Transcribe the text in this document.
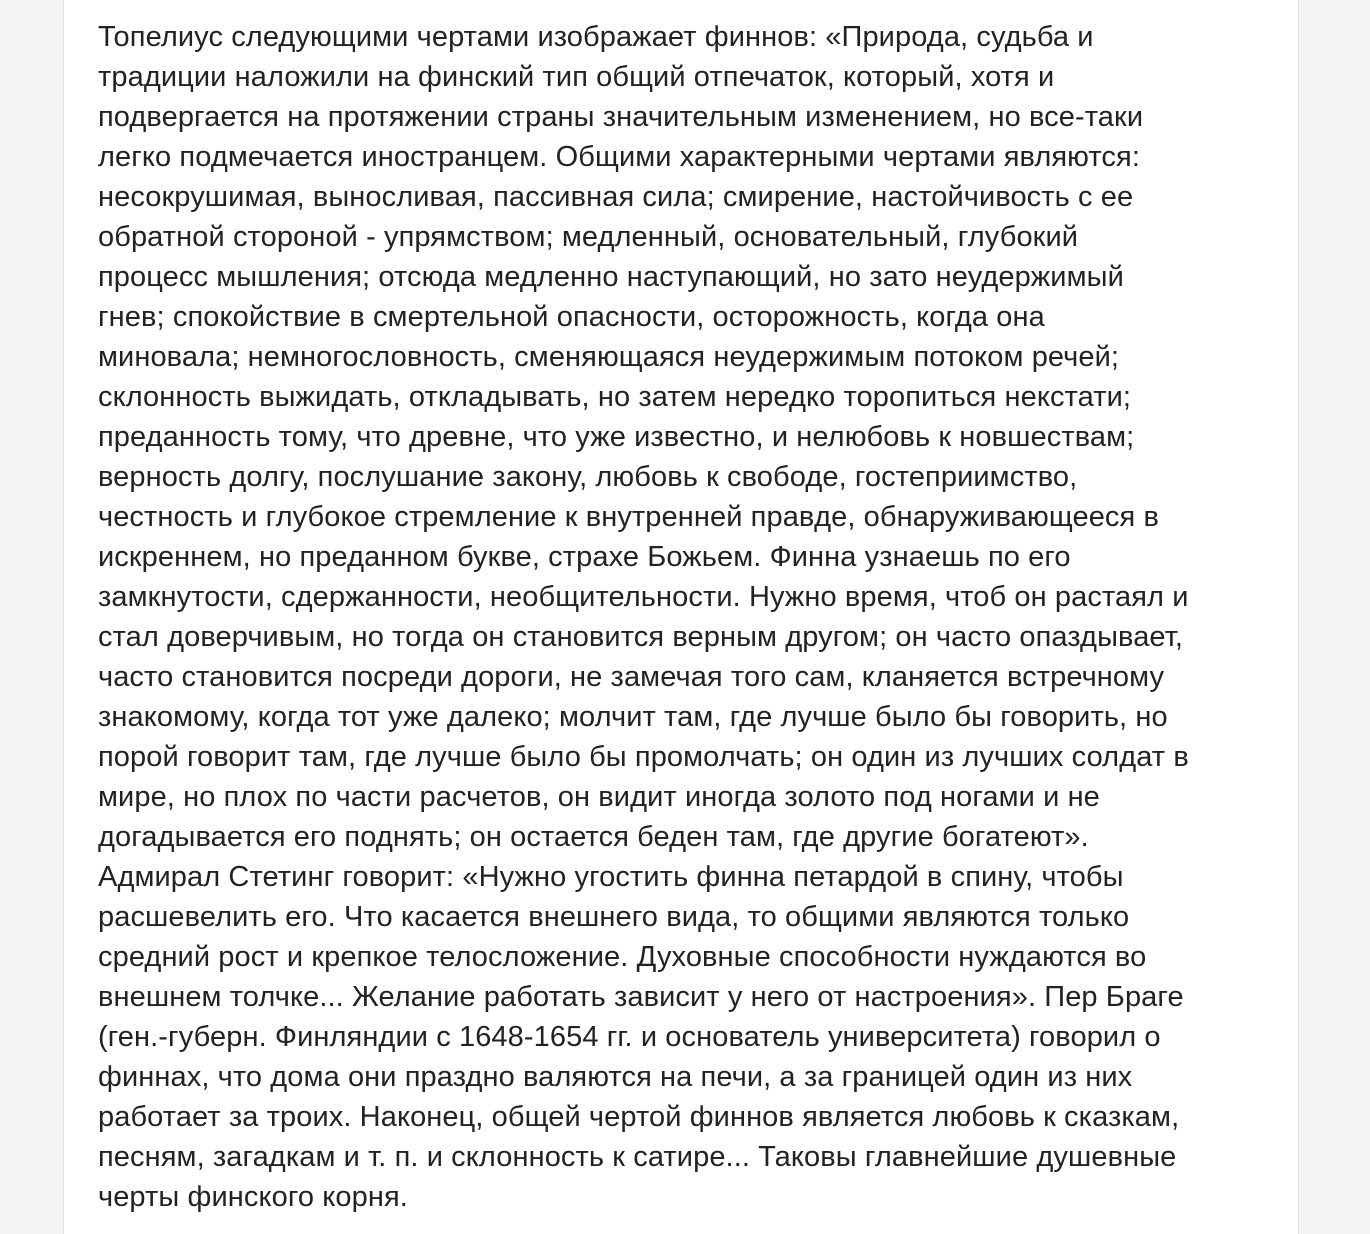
Топелиус следующими чертами изображает финнов: «Природа, судьба и
традиции наложили на финский тип общий отпечаток, который, хотя и
подвергается на протяжении страны значительным изменением, но все-таки
легко подмечается иностранцем. Общими характерными чертами являются:
несокрушимая, выносливая, пассивная сила; смирение, настойчивость с ее
обратной стороной - упрямством; медленный, основательный, глубокий
процесс мышления; отсюда медленно наступающий, но зато неудержимый
гнев; спокойствие в смертельной опасности, осторожность, когда она
миновала; немногословность, сменяющаяся неудержимым потоком речей;
склонность выжидать, откладывать, но затем нередко торопиться некстати;
преданность тому, что древне, что уже известно, и нелюбовь к новшествам;
верность долгу, послушание закону, любовь к свободе, гостеприимство,
честность и глубокое стремление к внутренней правде, обнаруживающееся в
искреннем, но преданном букве, страхе Божьем. Финна узнаешь по его
замкнутости, сдержанности, необщительности. Нужно время, чтоб он растаял и
стал доверчивым, но тогда он становится верным другом; он часто опаздывает,
часто становится посреди дороги, не замечая того сам, кланяется встречному
знакомому, когда тот уже далеко; молчит там, где лучше было бы говорить, но
порой говорит там, где лучше было бы промолчать; он один из лучших солдат в
мире, но плох по части расчетов, он видит иногда золото под ногами и не
догадывается его поднять; он остается беден там, где другие богатеют».
Адмирал Стетинг говорит: «Нужно угостить финна петардой в спину, чтобы
расшевелить его. Что касается внешнего вида, то общими являются только
средний рост и крепкое телосложение. Духовные способности нуждаются во
внешнем толчке... Желание работать зависит у него от настроения». Пер Браге
(ген.-губерн. Финляндии с 1648-1654 гг. и основатель университета) говорил о
финнах, что дома они праздно валяются на печи, а за границей один из них
работает за троих. Наконец, общей чертой финнов является любовь к сказкам,
песням, загадкам и т. п. и склонность к сатире... Таковы главнейшие душевные
черты финского корня.
